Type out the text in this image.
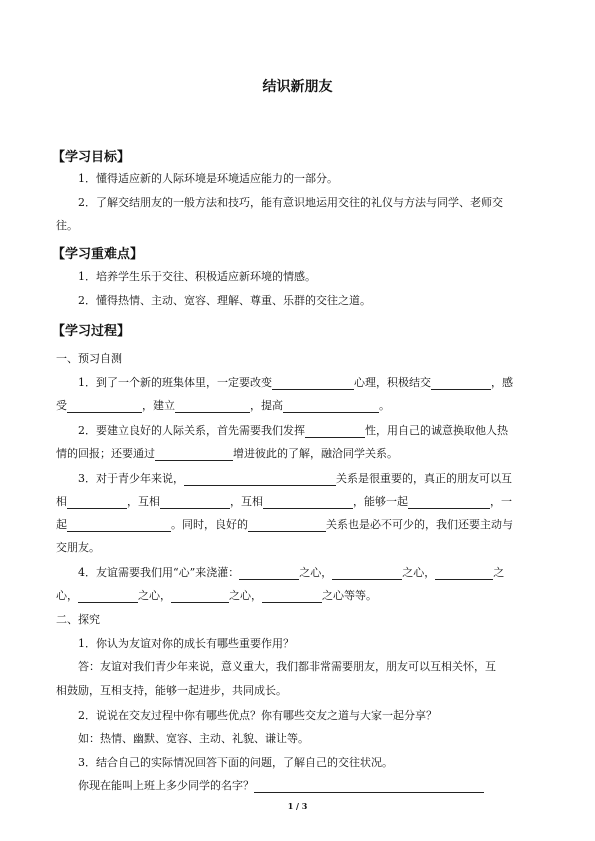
结识新朋友
【学习目标】
1．懂得适应新的人际环境是环境适应能力的一部分。
2．了解交结朋友的一般方法和技巧，能有意识地运用交往的礼仪与方法与同学、老师交
往。
【学习重难点】
1．培养学生乐于交往、积极适应新环境的情感。
2．懂得热情、主动、宽容、理解、尊重、乐群的交往之道。
【学习过程】
一、预习自测
1．到了一个新的班集体里，一定要改变	心理，积极结交	，感
受	，建立	，提高	。
2．要建立良好的人际关系，首先需要我们发挥	性，用自己的诚意换取他人热
情的回报；还要通过	增进彼此的了解，融洽同学关系。
3．对于青少年来说，	关系是很重要的，真正的朋友可以互
相	，互相	，互相	，能够一起	，一
起	。同时，良好的	关系也是必不可少的，我们还要主动与
交朋友。
4．友谊需要我们用“心”来浇灌：	之心，	之心，	之
心，	之心，	之心，	之心等等。
二、探究
1．你认为友谊对你的成长有哪些重要作用？
答：友谊对我们青少年来说，意义重大，我们都非常需要朋友，朋友可以互相关怀，互
相鼓励，互相支持，能够一起进步，共同成长。
2．说说在交友过程中你有哪些优点？你有哪些交友之道与大家一起分享？
如：热情、幽默、宽容、主动、礼貌、谦让等。
3．结合自己的实际情况回答下面的问题，了解自己的交往状况。
你现在能叫上班上多少同学的名字？
1 / 3
